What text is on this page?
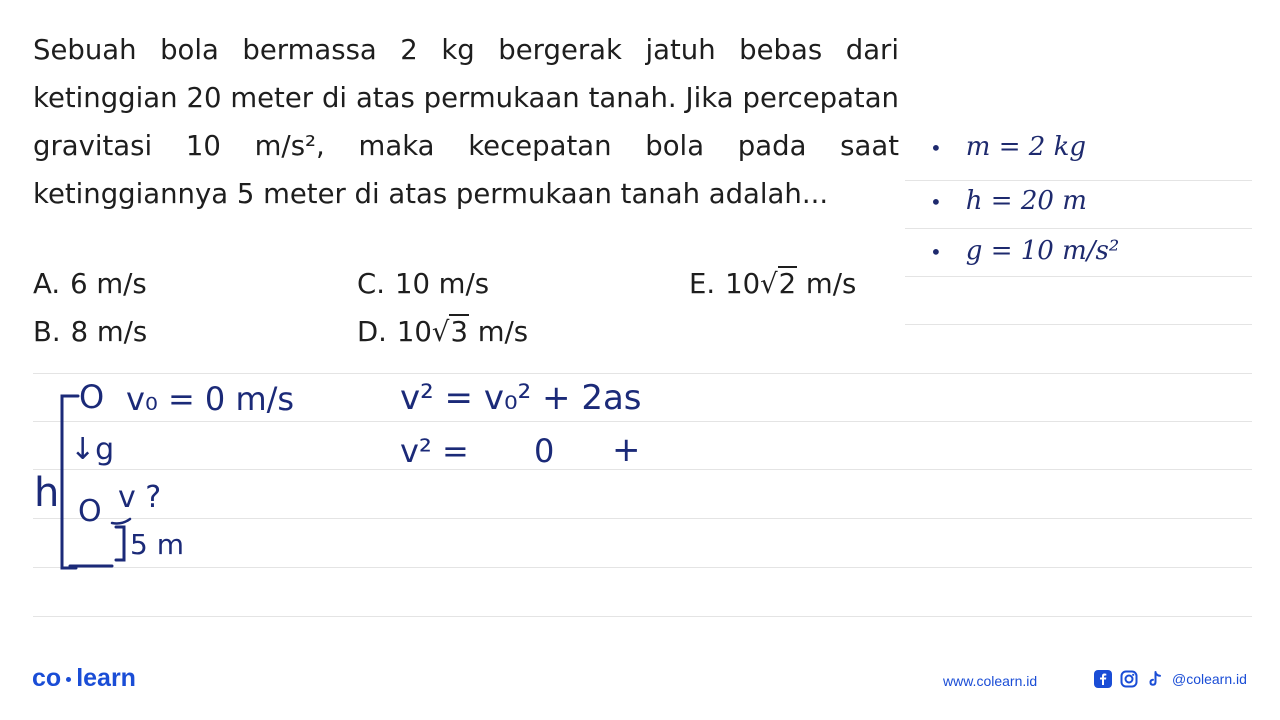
Sebuah bola bermassa 2 kg bergerak jatuh bebas dari ketinggian 20 meter di atas permukaan tanah. Jika percepatan gravitasi 10 m/s², maka kecepatan bola pada saat ketinggiannya 5 meter di atas permukaan tanah adalah...
A. 6 m/s
B. 8 m/s
C. 10 m/s
D. 10√3 m/s
E. 10√2 m/s
• m = 2 kg
• h = 20 m
• g = 10 m/s²
O v₀ = 0 m/s
↓g
h O v ?
5 m
v² = v₀² + 2as
v² = 0 +
co learn	www.colearn.id	@colearn.id
